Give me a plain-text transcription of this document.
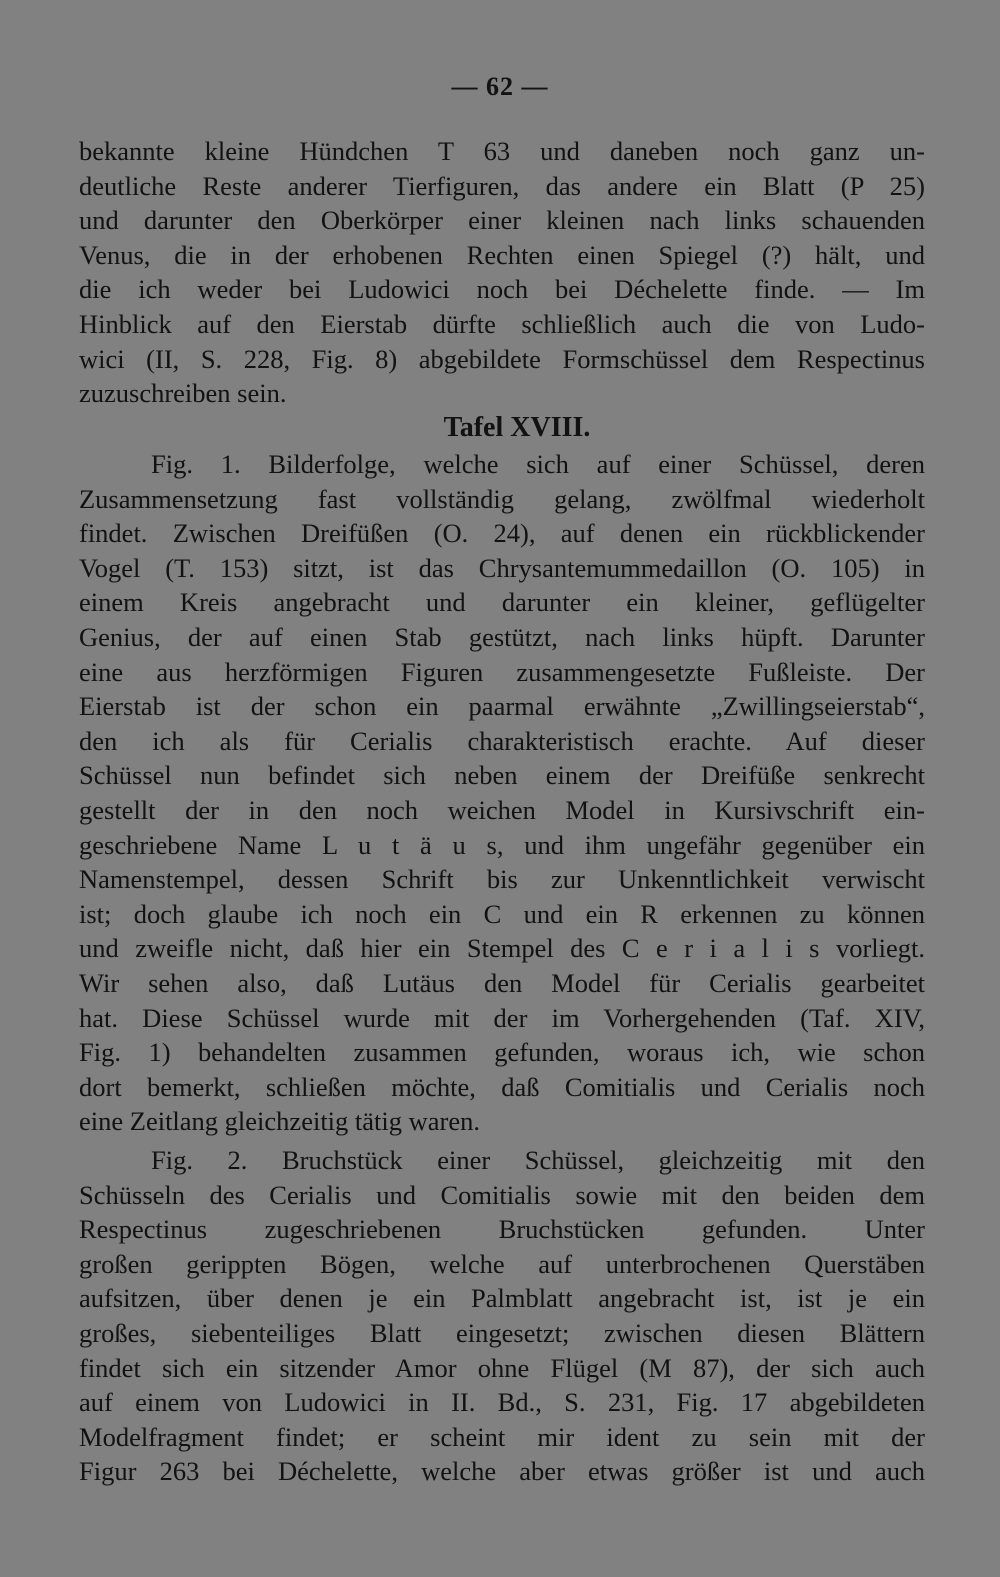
— 62 —
bekannte kleine Hündchen T 63 und daneben noch ganz un-
deutliche Reste anderer Tierfiguren, das andere ein Blatt (P 25)
und darunter den Oberkörper einer kleinen nach links schauenden
Venus, die in der erhobenen Rechten einen Spiegel (?) hält, und
die ich weder bei Ludowici noch bei Déchelette finde. — Im
Hinblick auf den Eierstab dürfte schließlich auch die von Ludo-
wici (II, S. 228, Fig. 8) abgebildete Formschüssel dem Respectinus
zuzuschreiben sein.
Tafel XVIII.
Fig. 1. Bilderfolge, welche sich auf einer Schüssel, deren
Zusammensetzung fast vollständig gelang, zwölfmal wiederholt
findet. Zwischen Dreifüßen (O. 24), auf denen ein rückblickender
Vogel (T. 153) sitzt, ist das Chrysantemummedaillon (O. 105) in
einem Kreis angebracht und darunter ein kleiner, geflügelter
Genius, der auf einen Stab gestützt, nach links hüpft. Darunter
eine aus herzförmigen Figuren zusammengesetzte Fußleiste. Der
Eierstab ist der schon ein paarmal erwähnte „Zwillingseierstab“,
den ich als für Cerialis charakteristisch erachte. Auf dieser
Schüssel nun befindet sich neben einem der Dreifüße senkrecht
gestellt der in den noch weichen Model in Kursivschrift ein-
geschriebene Name L u t ä u s, und ihm ungefähr gegenüber ein
Namenstempel, dessen Schrift bis zur Unkenntlichkeit verwischt
ist; doch glaube ich noch ein C und ein R erkennen zu können
und zweifle nicht, daß hier ein Stempel des C e r i a l i s vorliegt.
Wir sehen also, daß Lutäus den Model für Cerialis gearbeitet
hat. Diese Schüssel wurde mit der im Vorhergehenden (Taf. XIV,
Fig. 1) behandelten zusammen gefunden, woraus ich, wie schon
dort bemerkt, schließen möchte, daß Comitialis und Cerialis noch
eine Zeitlang gleichzeitig tätig waren.
Fig. 2. Bruchstück einer Schüssel, gleichzeitig mit den
Schüsseln des Cerialis und Comitialis sowie mit den beiden dem
Respectinus zugeschriebenen Bruchstücken gefunden. Unter
großen gerippten Bögen, welche auf unterbrochenen Querstäben
aufsitzen, über denen je ein Palmblatt angebracht ist, ist je ein
großes, siebenteiliges Blatt eingesetzt; zwischen diesen Blättern
findet sich ein sitzender Amor ohne Flügel (M 87), der sich auch
auf einem von Ludowici in II. Bd., S. 231, Fig. 17 abgebildeten
Modelfragment findet; er scheint mir ident zu sein mit der
Figur 263 bei Déchelette, welche aber etwas größer ist und auch
